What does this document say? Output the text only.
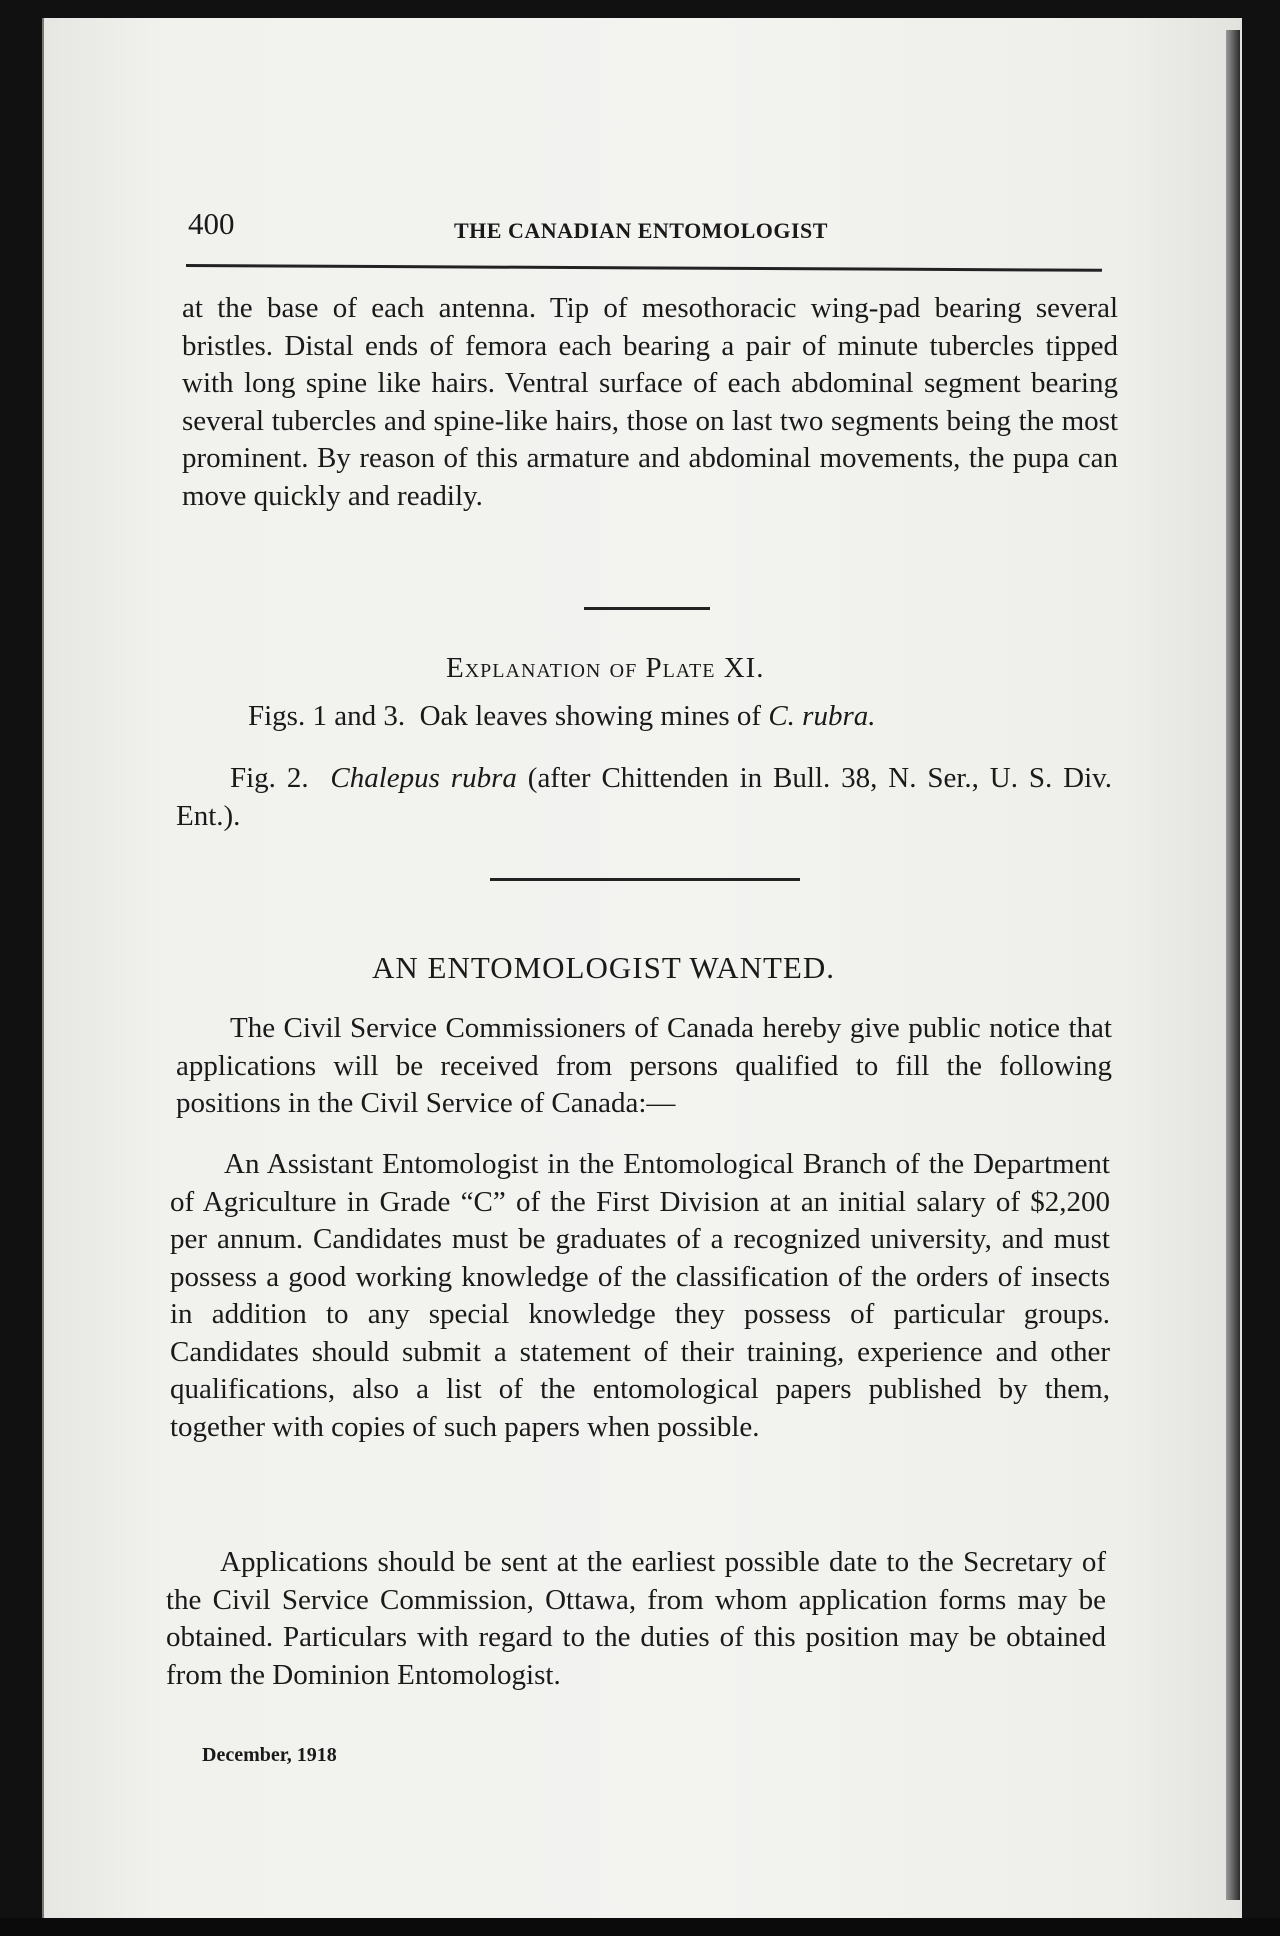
400	THE CANADIAN ENTOMOLOGIST

at the base of each antenna. Tip of mesothoracic wing-pad bearing several bristles. Distal ends of femora each bearing a pair of minute tubercles tipped with long spine like hairs. Ventral surface of each abdominal segment bearing several tubercles and spine-like hairs, those on last two segments being the most prominent. By reason of this armature and abdominal movements, the pupa can move quickly and readily.

Explanation of Plate XI.

Figs. 1 and 3. Oak leaves showing mines of C. rubra.

Fig. 2. Chalepus rubra (after Chittenden in Bull. 38, N. Ser., U. S. Div. Ent.).

AN ENTOMOLOGIST WANTED.

The Civil Service Commissioners of Canada hereby give public notice that applications will be received from persons qualified to fill the following positions in the Civil Service of Canada:—

An Assistant Entomologist in the Entomological Branch of the Department of Agriculture in Grade “C” of the First Division at an initial salary of $2,200 per annum. Candidates must be graduates of a recognized university, and must possess a good working knowledge of the classification of the orders of insects in addition to any special knowledge they possess of particular groups. Candidates should submit a statement of their training, experience and other qualifications, also a list of the entomological papers published by them, together with copies of such papers when possible.

Applications should be sent at the earliest possible date to the Secretary of the Civil Service Commission, Ottawa, from whom application forms may be obtained. Particulars with regard to the duties of this position may be obtained from the Dominion Entomologist.

December, 1918
